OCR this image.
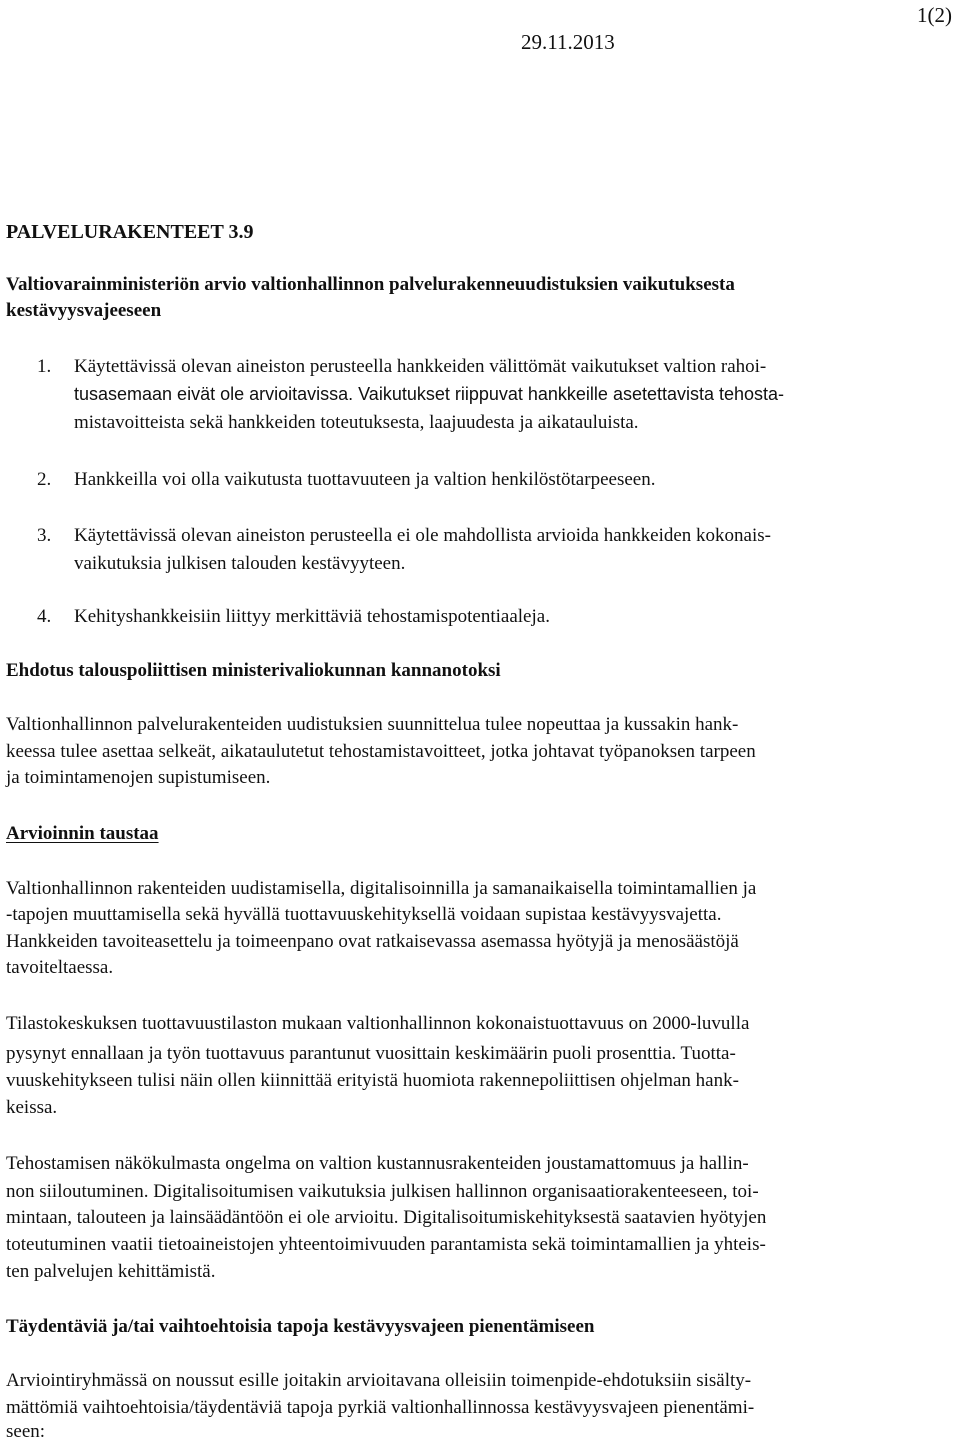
1(2)
29.11.2013
PALVELURAKENTEET 3.9
Valtiovarainministeriön arvio valtionhallinnon palvelurakenneuudistuksien vaikutuksesta
kestävyysvajeeseen
1. Käytettävissä olevan aineiston perusteella hankkeiden välittömät vaikutukset valtion rahoi-
tusasemaan eivät ole arvioitavissa. Vaikutukset riippuvat hankkeille asetettavista tehosta-
mistavoitteista sekä hankkeiden toteutuksesta, laajuudesta ja aikatauluista.
2. Hankkeilla voi olla vaikutusta tuottavuuteen ja valtion henkilöstötarpeeseen.
3. Käytettävissä olevan aineiston perusteella ei ole mahdollista arvioida hankkeiden kokonais-
vaikutuksia julkisen talouden kestävyyteen.
4. Kehityshankkeisiin liittyy merkittäviä tehostamispotentiaaleja.
Ehdotus talouspoliittisen ministerivaliokunnan kannanotoksi
Valtionhallinnon palvelurakenteiden uudistuksien suunnittelua tulee nopeuttaa ja kussakin hank-
keessa tulee asettaa selkeät, aikataulutetut tehostamistavoitteet, jotka johtavat työpanoksen tarpeen
ja toimintamenojen supistumiseen.
Arvioinnin taustaa
Valtionhallinnon rakenteiden uudistamisella, digitalisoinnilla ja samanaikaisella toimintamallien ja
-tapojen muuttamisella sekä hyvällä tuottavuuskehityksellä voidaan supistaa kestävyysvajetta.
Hankkeiden tavoiteasettelu ja toimeenpano ovat ratkaisevassa asemassa hyötyjä ja menosäästöjä
tavoiteltaessa.
Tilastokeskuksen tuottavuustilaston mukaan valtionhallinnon kokonaistuottavuus on 2000-luvulla
pysynyt ennallaan ja työn tuottavuus parantunut vuosittain keskimäärin puoli prosenttia. Tuotta-
vuuskehitykseen tulisi näin ollen kiinnittää erityistä huomiota rakennepoliittisen ohjelman hank-
keissa.
Tehostamisen näkökulmasta ongelma on valtion kustannusrakenteiden joustamattomuus ja hallin-
non siiloutuminen. Digitalisoitumisen vaikutuksia julkisen hallinnon organisaatiorakenteeseen, toi-
mintaan, talouteen ja lainsäädäntöön ei ole arvioitu. Digitalisoitumiskehityksestä saatavien hyötyjen
toteutuminen vaatii tietoaineistojen yhteentoimivuuden parantamista sekä toimintamallien ja yhteis-
ten palvelujen kehittämistä.
Täydentäviä ja/tai vaihtoehtoisia tapoja kestävyysvajeen pienentämiseen
Arviointiryhmässä on noussut esille joitakin arvioitavana olleisiin toimenpide-ehdotuksiin sisälty-
mättömiä vaihtoehtoisia/täydentäviä tapoja pyrkiä valtionhallinnossa kestävyysvajeen pienentämi-
seen:
